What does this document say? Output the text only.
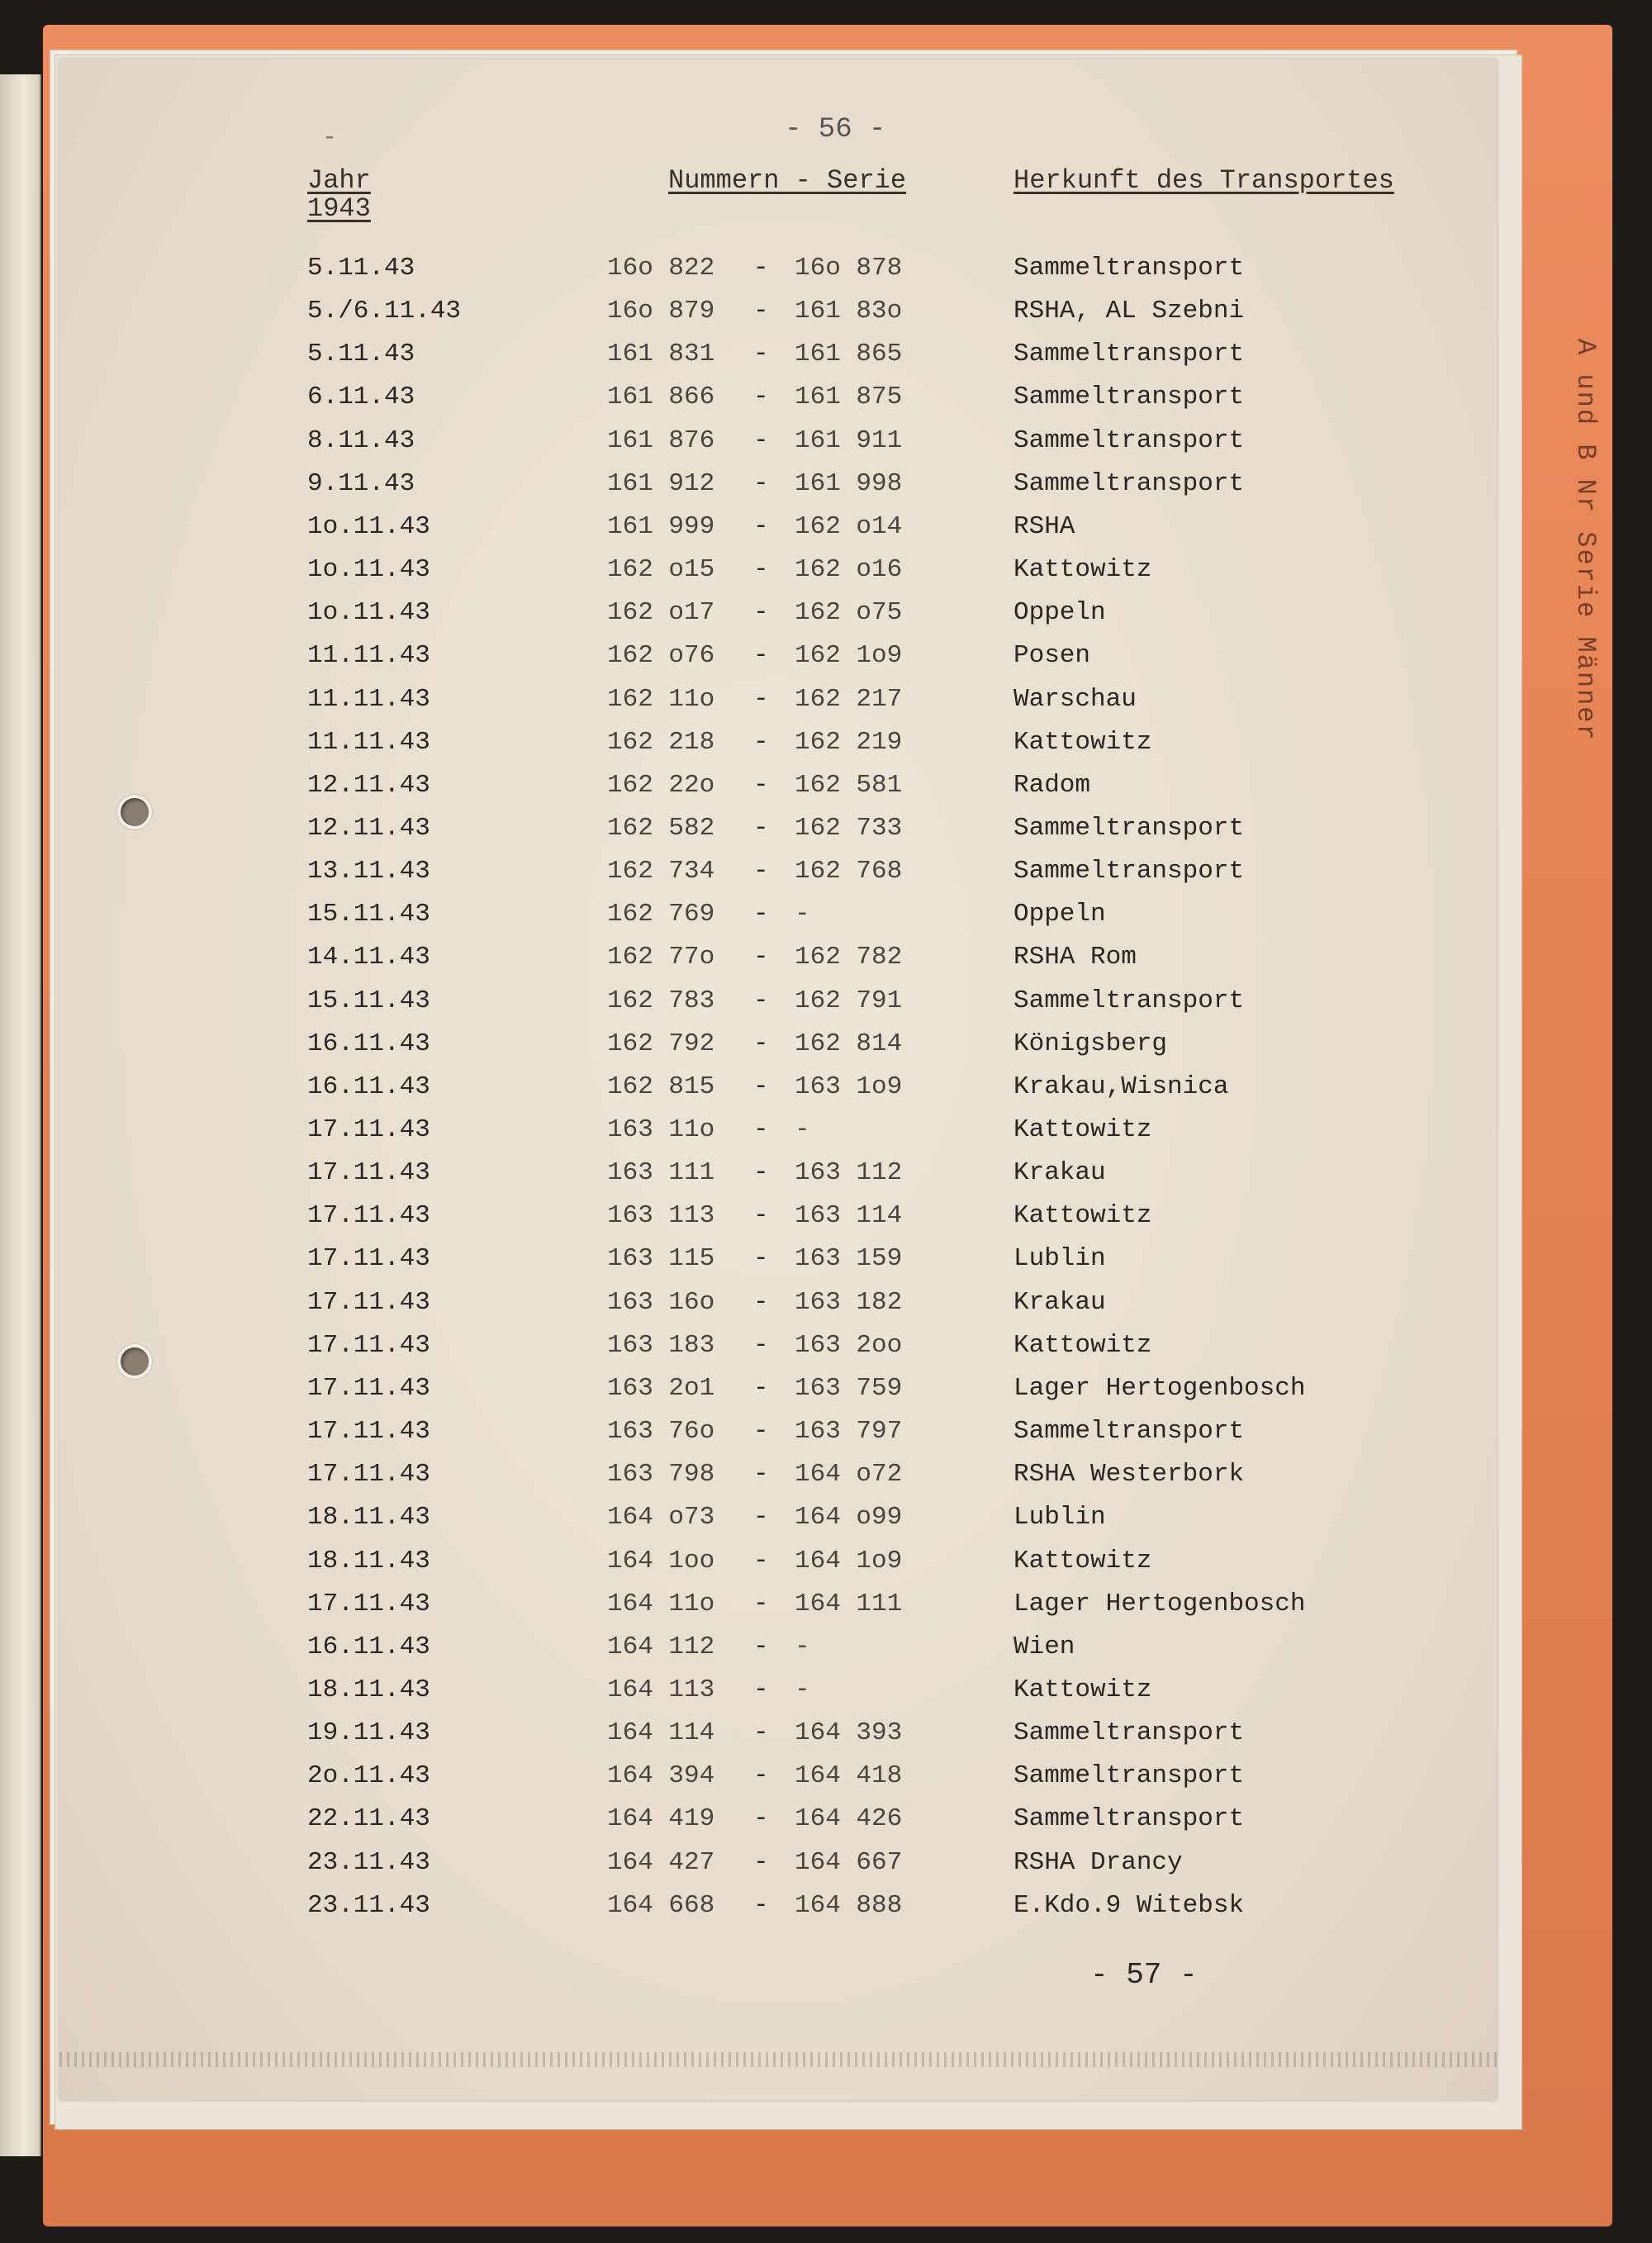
A und B Nr Serie Männer
-	- 56 -
Jahr
1943
Nummern - Serie	Herkunft des Transportes
5.11.43	16o 822 - 16o 878	Sammeltransport
5./6.11.43	16o 879 - 161 83o	RSHA, AL Szebni
5.11.43	161 831 - 161 865	Sammeltransport
6.11.43	161 866 - 161 875	Sammeltransport
8.11.43	161 876 - 161 911	Sammeltransport
9.11.43	161 912 - 161 998	Sammeltransport
1o.11.43	161 999 - 162 o14	RSHA
1o.11.43	162 o15 - 162 o16	Kattowitz
1o.11.43	162 o17 - 162 o75	Oppeln
11.11.43	162 o76 - 162 1o9	Posen
11.11.43	162 11o - 162 217	Warschau
11.11.43	162 218 - 162 219	Kattowitz
12.11.43	162 22o - 162 581	Radom
12.11.43	162 582 - 162 733	Sammeltransport
13.11.43	162 734 - 162 768	Sammeltransport
15.11.43	162 769 - -	Oppeln
14.11.43	162 77o - 162 782	RSHA Rom
15.11.43	162 783 - 162 791	Sammeltransport
16.11.43	162 792 - 162 814	Königsberg
16.11.43	162 815 - 163 1o9	Krakau,Wisnica
17.11.43	163 11o - -	Kattowitz
17.11.43	163 111 - 163 112	Krakau
17.11.43	163 113 - 163 114	Kattowitz
17.11.43	163 115 - 163 159	Lublin
17.11.43	163 16o - 163 182	Krakau
17.11.43	163 183 - 163 2oo	Kattowitz
17.11.43	163 2o1 - 163 759	Lager Hertogenbosch
17.11.43	163 76o - 163 797	Sammeltransport
17.11.43	163 798 - 164 o72	RSHA Westerbork
18.11.43	164 o73 - 164 o99	Lublin
18.11.43	164 1oo - 164 1o9	Kattowitz
17.11.43	164 11o - 164 111	Lager Hertogenbosch
16.11.43	164 112 - -	Wien
18.11.43	164 113 - -	Kattowitz
19.11.43	164 114 - 164 393	Sammeltransport
2o.11.43	164 394 - 164 418	Sammeltransport
22.11.43	164 419 - 164 426	Sammeltransport
23.11.43	164 427 - 164 667	RSHA Drancy
23.11.43	164 668 - 164 888	E.Kdo.9 Witebsk
- 57 -
